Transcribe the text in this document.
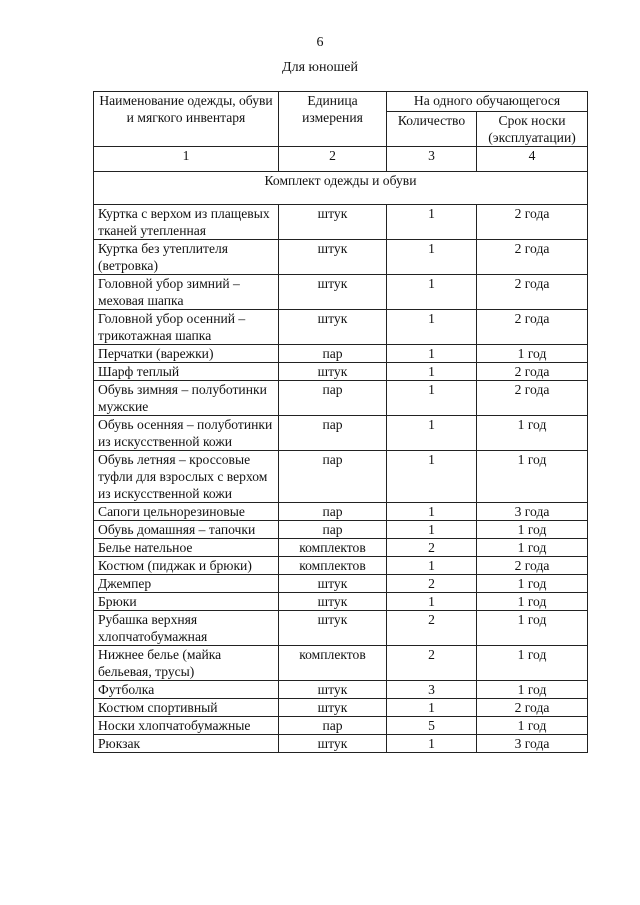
6
Для юношей
Наименование одежды, обуви и мягкого инвентаря	Единица измерения	На одного обучающегося	
		Количество	Срок носки (эксплуатации)
1	2	3	4
Комплект одежды и обуви			
Куртка с верхом из плащевых тканей утепленная	штук	1	2 года
Куртка без утеплителя (ветровка)	штук	1	2 года
Головной убор зимний – меховая шапка	штук	1	2 года
Головной убор осенний – трикотажная шапка	штук	1	2 года
Перчатки (варежки)	пар	1	1 год
Шарф теплый	штук	1	2 года
Обувь зимняя – полуботинки мужские	пар	1	2 года
Обувь осенняя – полуботинки из искусственной кожи	пар	1	1 год
Обувь летняя – кроссовые туфли для взрослых с верхом из искусственной кожи	пар	1	1 год
Сапоги цельнорезиновые	пар	1	3 года
Обувь домашняя – тапочки	пар	1	1 год
Белье нательное	комплектов	2	1 год
Костюм (пиджак и брюки)	комплектов	1	2 года
Джемпер	штук	2	1 год
Брюки	штук	1	1 год
Рубашка верхняя хлопчатобумажная	штук	2	1 год
Нижнее белье (майка бельевая, трусы)	комплектов	2	1 год
Футболка	штук	3	1 год
Костюм спортивный	штук	1	2 года
Носки хлопчатобумажные	пар	5	1 год
Рюкзак	штук	1	3 года
